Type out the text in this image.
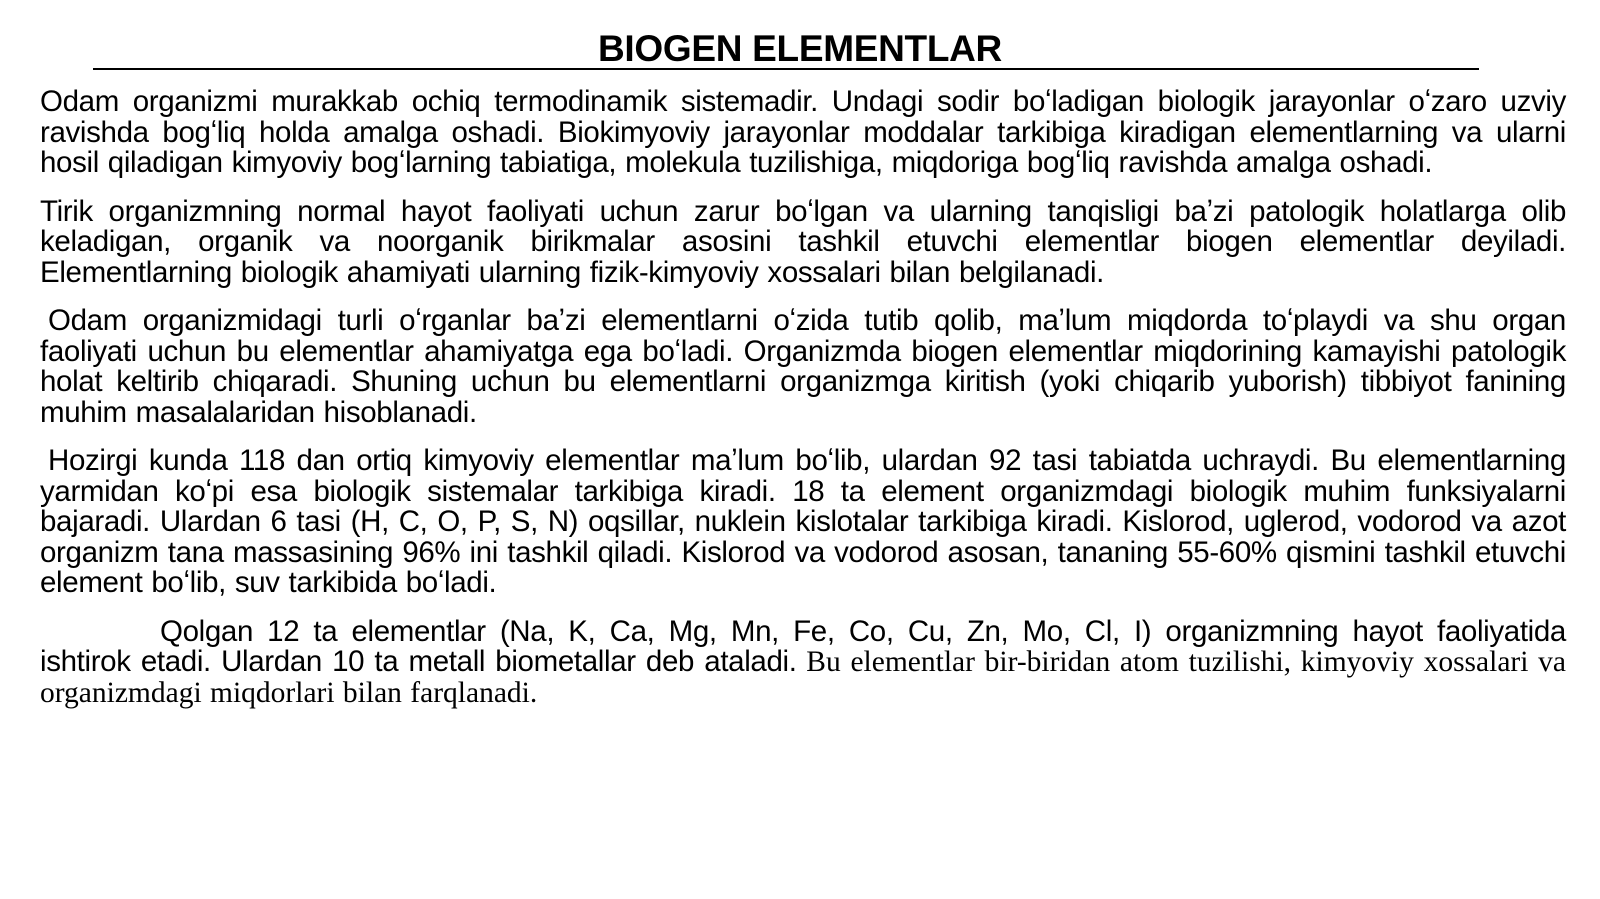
BIOGEN ELEMENTLAR

Odam organizmi murakkab ochiq termodinamik sistemadir. Undagi sodir boʻladigan biologik jarayonlar oʻzaro uzviy ravishda bogʻliq holda amalga oshadi. Biokimyoviy jarayonlar moddalar tarkibiga kiradigan elementlarning va ularni hosil qiladigan kimyoviy bogʻlarning tabiatiga, molekula tuzilishiga, miqdoriga bogʻliq ravishda amalga oshadi.

Tirik organizmning normal hayot faoliyati uchun zarur boʻlgan va ularning tanqisligi baʼzi patologik holatlarga olib keladigan, organik va noorganik birikmalar asosini tashkil etuvchi elementlar biogen elementlar deyiladi. Elementlarning biologik ahamiyati ularning fizik-kimyoviy xossalari bilan belgilanadi.

Odam organizmidagi turli oʻrganlar baʼzi elementlarni oʻzida tutib qolib, maʼlum miqdorda toʻplaydi va shu organ faoliyati uchun bu elementlar ahamiyatga ega boʻladi. Organizmda biogen elementlar miqdorining kamayishi patologik holat keltirib chiqaradi. Shuning uchun bu elementlarni organizmga kiritish (yoki chiqarib yuborish) tibbiyot fanining muhim masalalaridan hisoblanadi.

Hozirgi kunda 118 dan ortiq kimyoviy elementlar maʼlum boʻlib, ulardan 92 tasi tabiatda uchraydi. Bu elementlarning yarmidan koʻpi esa biologik sistemalar tarkibiga kiradi. 18 ta element organizmdagi biologik muhim funksiyalarni bajaradi. Ulardan 6 tasi (H, C, O, P, S, N) oqsillar, nuklein kislotalar tarkibiga kiradi. Kislorod, uglerod, vodorod va azot organizm tana massasining 96% ini tashkil qiladi. Kislorod va vodorod asosan, tananing 55-60% qismini tashkil etuvchi element boʻlib, suv tarkibida boʻladi.

Qolgan 12 ta elementlar (Na, K, Ca, Mg, Mn, Fe, Co, Cu, Zn, Mo, Cl, I) organizmning hayot faoliyatida ishtirok etadi. Ulardan 10 ta metall biometallar deb ataladi. Bu elementlar bir-biridan atom tuzilishi, kimyoviy xossalari va organizmdagi miqdorlari bilan farqlanadi.
